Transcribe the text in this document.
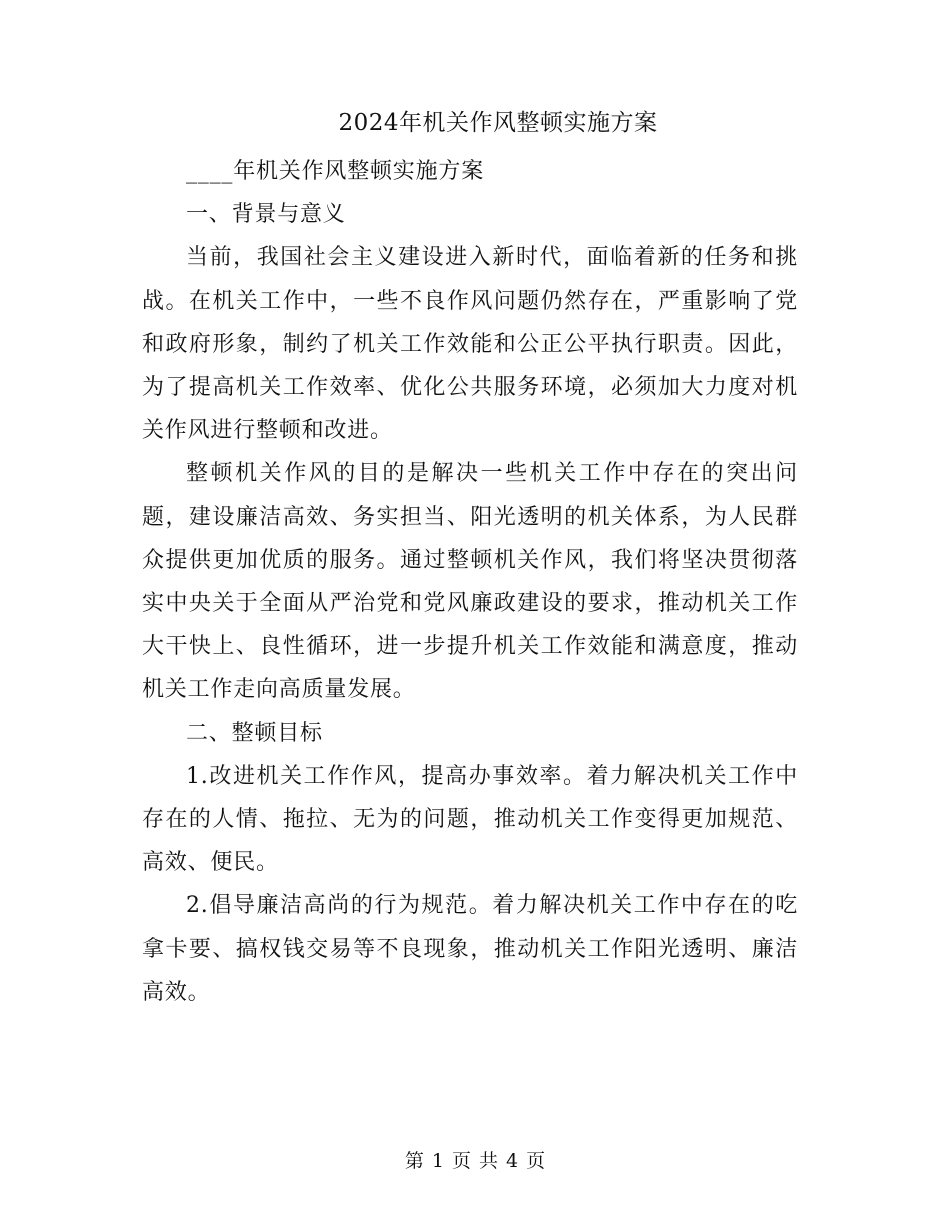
2024年机关作风整顿实施方案

____年机关作风整顿实施方案

一、背景与意义

当前，我国社会主义建设进入新时代，面临着新的任务和挑战。在机关工作中，一些不良作风问题仍然存在，严重影响了党和政府形象，制约了机关工作效能和公正公平执行职责。因此，为了提高机关工作效率、优化公共服务环境，必须加大力度对机关作风进行整顿和改进。

整顿机关作风的目的是解决一些机关工作中存在的突出问题，建设廉洁高效、务实担当、阳光透明的机关体系，为人民群众提供更加优质的服务。通过整顿机关作风，我们将坚决贯彻落实中央关于全面从严治党和党风廉政建设的要求，推动机关工作大干快上、良性循环，进一步提升机关工作效能和满意度，推动机关工作走向高质量发展。

二、整顿目标

1.改进机关工作作风，提高办事效率。着力解决机关工作中存在的人情、拖拉、无为的问题，推动机关工作变得更加规范、高效、便民。

2.倡导廉洁高尚的行为规范。着力解决机关工作中存在的吃拿卡要、搞权钱交易等不良现象，推动机关工作阳光透明、廉洁高效。

第 1 页 共 4 页
